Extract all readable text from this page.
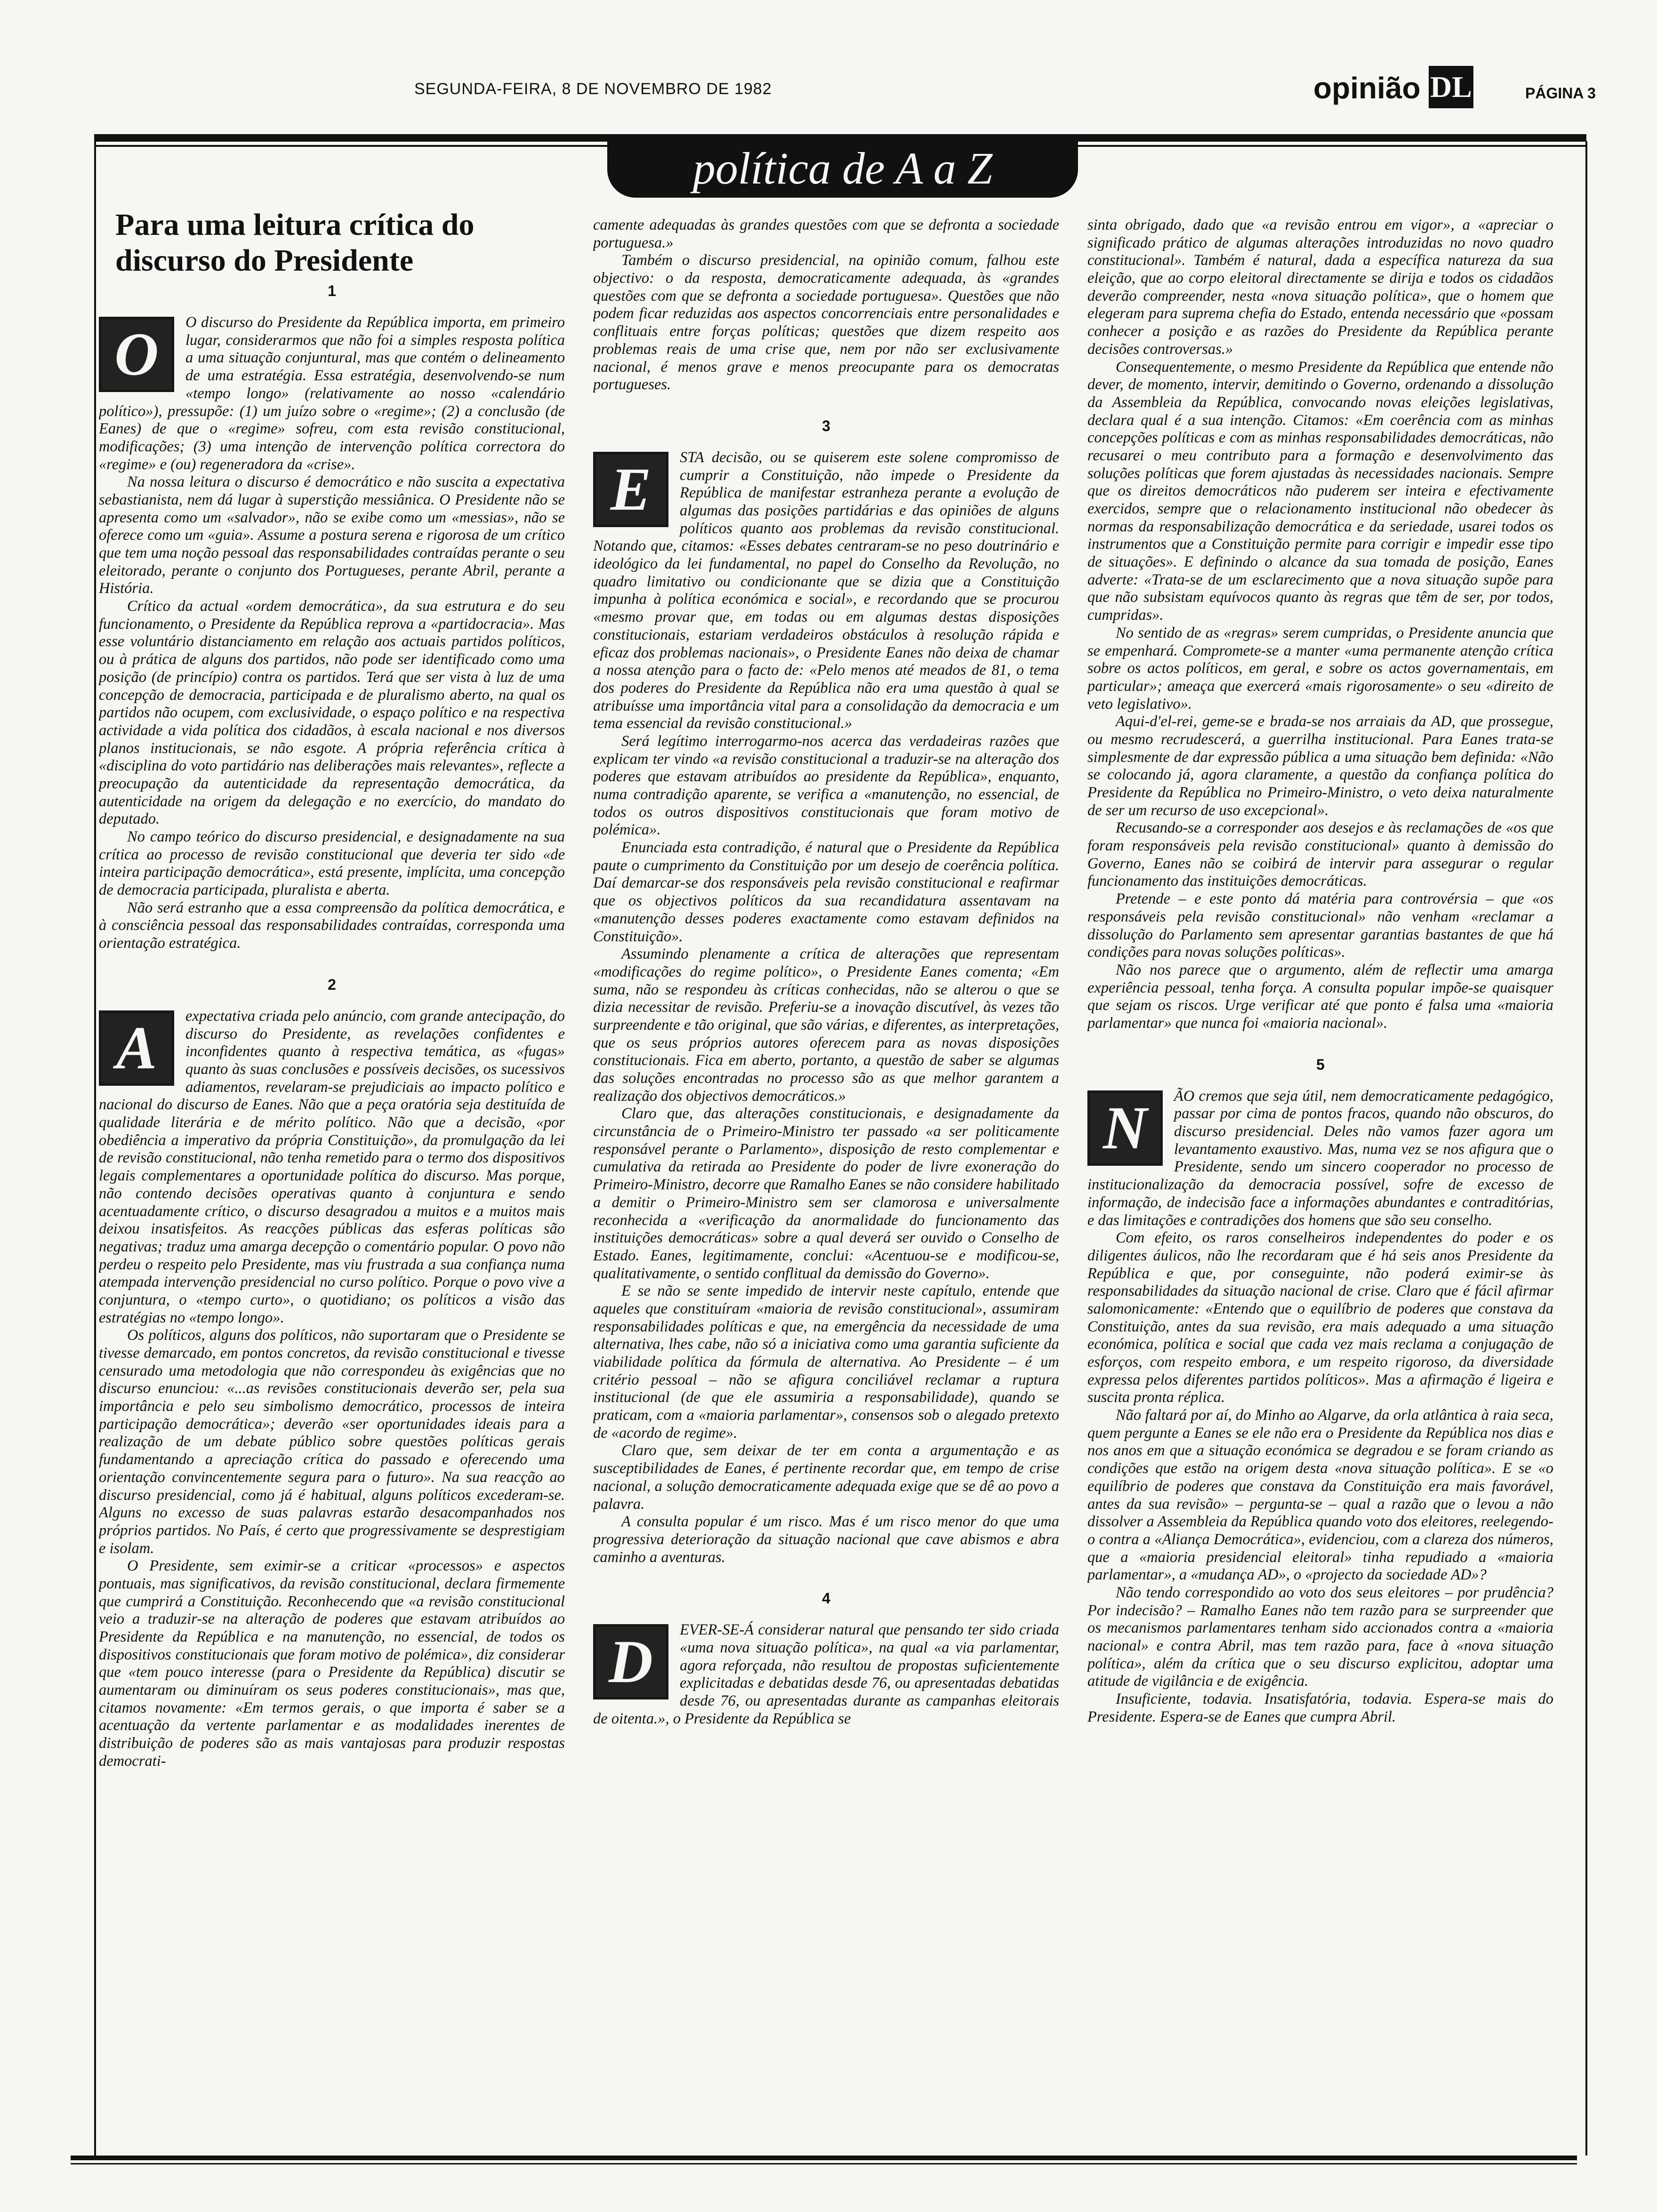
SEGUNDA-FEIRA, 8 DE NOVEMBRO DE 1982	opinião DL	PÁGINA 3
política de A a Z
Para uma leitura crítica do discurso do Presidente
1
O	O discurso do Presidente da República importa, em primeiro lugar, considerarmos que não foi a simples resposta política a uma situação conjuntural, mas que contém o delineamento de uma estratégia. Essa estratégia, desenvolvendo-se num «tempo longo» (relativamente ao nosso «calendário político»), pressupõe: (1) um juízo sobre o «regime»; (2) a conclusão (de Eanes) de que o «regime» sofreu, com esta revisão constitucional, modificações; (3) uma intenção de intervenção política correctora do «regime» e (ou) regeneradora da «crise».

Na nossa leitura o discurso é democrático e não suscita a expectativa sebastianista, nem dá lugar à superstição messiânica. O Presidente não se apresenta como um «salvador», não se exibe como um «messias», não se oferece como um «guia». Assume a postura serena e rigorosa de um crítico que tem uma noção pessoal das responsabilidades contraídas perante o seu eleitorado, perante o conjunto dos Portugueses, perante Abril, perante a História.

Crítico da actual «ordem democrática», da sua estrutura e do seu funcionamento, o Presidente da República reprova a «partidocracia». Mas esse voluntário distanciamento em relação aos actuais partidos políticos, ou à prática de alguns dos partidos, não pode ser identificado como uma posição (de princípio) contra os partidos. Terá que ser vista à luz de uma concepção de democracia, participada e de pluralismo aberto, na qual os partidos não ocupem, com exclusividade, o espaço político e na respectiva actividade a vida política dos cidadãos, à escala nacional e nos diversos planos institucionais, se não esgote. A própria referência crítica à «disciplina do voto partidário nas deliberações mais relevantes», reflecte a preocupação da autenticidade da representação democrática, da autenticidade na origem da delegação e no exercício, do mandato do deputado.

No campo teórico do discurso presidencial, e designadamente na sua crítica ao processo de revisão constitucional que deveria ter sido «de inteira participação democrática», está presente, implícita, uma concepção de democracia participada, pluralista e aberta.

Não será estranho que a essa compreensão da política democrática, e à consciência pessoal das responsabilidades contraídas, corresponda uma orientação estratégica.

2
A	expectativa criada pelo anúncio, com grande antecipação, do discurso do Presidente, as revelações confidentes e inconfidentes quanto à respectiva temática, as «fugas» quanto às suas conclusões e possíveis decisões, os sucessivos adiamentos, revelaram-se prejudiciais ao impacto político e nacional do discurso de Eanes. Não que a peça oratória seja destituída de qualidade literária e de mérito político. Não que a decisão, «por obediência a imperativo da própria Constituição», da promulgação da lei de revisão constitucional, não tenha remetido para o termo dos dispositivos legais complementares a oportunidade política do discurso. Mas porque, não contendo decisões operativas quanto à conjuntura e sendo acentuadamente crítico, o discurso desagradou a muitos e a muitos mais deixou insatisfeitos. As reacções públicas das esferas políticas são negativas; traduz uma amarga decepção o comentário popular. O povo não perdeu o respeito pelo Presidente, mas viu frustrada a sua confiança numa atempada intervenção presidencial no curso político. Porque o povo vive a conjuntura, o «tempo curto», o quotidiano; os políticos a visão das estratégias no «tempo longo».

Os políticos, alguns dos políticos, não suportaram que o Presidente se tivesse demarcado, em pontos concretos, da revisão constitucional e tivesse censurado uma metodologia que não correspondeu às exigências que no discurso enunciou: «...as revisões constitucionais deverão ser, pela sua importância e pelo seu simbolismo democrático, processos de inteira participação democrática»; deverão «ser oportunidades ideais para a realização de um debate público sobre questões políticas gerais fundamentando a apreciação crítica do passado e oferecendo uma orientação convincentemente segura para o futuro». Na sua reacção ao discurso presidencial, como já é habitual, alguns políticos excederam-se. Alguns no excesso de suas palavras estarão desacompanhados nos próprios partidos. No País, é certo que progressivamente se desprestigiam e isolam.

O Presidente, sem eximir-se a criticar «processos» e aspectos pontuais, mas significativos, da revisão constitucional, declara firmemente que cumprirá a Constituição. Reconhecendo que «a revisão constitucional veio a traduzir-se na alteração de poderes que estavam atribuídos ao Presidente da República e na manutenção, no essencial, de todos os dispositivos constitucionais que foram motivo de polémica», diz considerar que «tem pouco interesse (para o Presidente da República) discutir se aumentaram ou diminuíram os seus poderes constitucionais», mas que, citamos novamente: «Em termos gerais, o que importa é saber se a acentuação da vertente parlamentar e as modalidades inerentes de distribuição de poderes são as mais vantajosas para produzir respostas democrati-

camente adequadas às grandes questões com que se defronta a sociedade portuguesa.»

Também o discurso presidencial, na opinião comum, falhou este objectivo: o da resposta, democraticamente adequada, às «grandes questões com que se defronta a sociedade portuguesa». Questões que não podem ficar reduzidas aos aspectos concorrenciais entre personalidades e conflituais entre forças políticas; questões que dizem respeito aos problemas reais de uma crise que, nem por não ser exclusivamente nacional, é menos grave e menos preocupante para os democratas portugueses.

3
E	STA decisão, ou se quiserem este solene compromisso de cumprir a Constituição, não impede o Presidente da República de manifestar estranheza perante a evolução de algumas das posições partidárias e das opiniões de alguns políticos quanto aos problemas da revisão constitucional. Notando que, citamos: «Esses debates centraram-se no peso doutrinário e ideológico da lei fundamental, no papel do Conselho da Revolução, no quadro limitativo ou condicionante que se dizia que a Constituição impunha à política económica e social», e recordando que se procurou «mesmo provar que, em todas ou em algumas destas disposições constitucionais, estariam verdadeiros obstáculos à resolução rápida e eficaz dos problemas nacionais», o Presidente Eanes não deixa de chamar a nossa atenção para o facto de: «Pelo menos até meados de 81, o tema dos poderes do Presidente da República não era uma questão à qual se atribuísse uma importância vital para a consolidação da democracia e um tema essencial da revisão constitucional.»

Será legítimo interrogarmo-nos acerca das verdadeiras razões que explicam ter vindo «a revisão constitucional a traduzir-se na alteração dos poderes que estavam atribuídos ao presidente da República», enquanto, numa contradição aparente, se verifica a «manutenção, no essencial, de todos os outros dispositivos constitucionais que foram motivo de polémica».

Enunciada esta contradição, é natural que o Presidente da República paute o cumprimento da Constituição por um desejo de coerência política. Daí demarcar-se dos responsáveis pela revisão constitucional e reafirmar que os objectivos políticos da sua recandidatura assentavam na «manutenção desses poderes exactamente como estavam definidos na Constituição».

Assumindo plenamente a crítica de alterações que representam «modificações do regime político», o Presidente Eanes comenta; «Em suma, não se respondeu às críticas conhecidas, não se alterou o que se dizia necessitar de revisão. Preferiu-se a inovação discutível, às vezes tão surpreendente e tão original, que são várias, e diferentes, as interpretações, que os seus próprios autores oferecem para as novas disposições constitucionais. Fica em aberto, portanto, a questão de saber se algumas das soluções encontradas no processo são as que melhor garantem a realização dos objectivos democráticos.»

Claro que, das alterações constitucionais, e designadamente da circunstância de o Primeiro-Ministro ter passado «a ser politicamente responsável perante o Parlamento», disposição de resto complementar e cumulativa da retirada ao Presidente do poder de livre exoneração do Primeiro-Ministro, decorre que Ramalho Eanes se não considere habilitado a demitir o Primeiro-Ministro sem ser clamorosa e universalmente reconhecida a «verificação da anormalidade do funcionamento das instituições democráticas» sobre a qual deverá ser ouvido o Conselho de Estado. Eanes, legitimamente, conclui: «Acentuou-se e modificou-se, qualitativamente, o sentido conflitual da demissão do Governo».

E se não se sente impedido de intervir neste capítulo, entende que aqueles que constituíram «maioria de revisão constitucional», assumiram responsabilidades políticas e que, na emergência da necessidade de uma alternativa, lhes cabe, não só a iniciativa como uma garantia suficiente da viabilidade política da fórmula de alternativa. Ao Presidente – é um critério pessoal – não se afigura conciliável reclamar a ruptura institucional (de que ele assumiria a responsabilidade), quando se praticam, com a «maioria parlamentar», consensos sob o alegado pretexto de «acordo de regime».

Claro que, sem deixar de ter em conta a argumentação e as susceptibilidades de Eanes, é pertinente recordar que, em tempo de crise nacional, a solução democraticamente adequada exige que se dê ao povo a palavra.

A consulta popular é um risco. Mas é um risco menor do que uma progressiva deterioração da situação nacional que cave abismos e abra caminho a aventuras.

4
D	EVER-SE-Á considerar natural que pensando ter sido criada «uma nova situação política», na qual «a via parlamentar, agora reforçada, não resultou de propostas suficientemente explicitadas e debatidas desde 76, ou apresentadas debatidas desde 76, ou apresentadas durante as campanhas eleitorais de oitenta.», o Presidente da República se

sinta obrigado, dado que «a revisão entrou em vigor», a «apreciar o significado prático de algumas alterações introduzidas no novo quadro constitucional». Também é natural, dada a específica natureza da sua eleição, que ao corpo eleitoral directamente se dirija e todos os cidadãos deverão compreender, nesta «nova situação política», que o homem que elegeram para suprema chefia do Estado, entenda necessário que «possam conhecer a posição e as razões do Presidente da República perante decisões controversas.»

Consequentemente, o mesmo Presidente da República que entende não dever, de momento, intervir, demitindo o Governo, ordenando a dissolução da Assembleia da República, convocando novas eleições legislativas, declara qual é a sua intenção. Citamos: «Em coerência com as minhas concepções políticas e com as minhas responsabilidades democráticas, não recusarei o meu contributo para a formação e desenvolvimento das soluções políticas que forem ajustadas às necessidades nacionais. Sempre que os direitos democráticos não puderem ser inteira e efectivamente exercidos, sempre que o relacionamento institucional não obedecer às normas da responsabilização democrática e da seriedade, usarei todos os instrumentos que a Constituição permite para corrigir e impedir esse tipo de situações». E definindo o alcance da sua tomada de posição, Eanes adverte: «Trata-se de um esclarecimento que a nova situação supõe para que não subsistam equívocos quanto às regras que têm de ser, por todos, cumpridas».

No sentido de as «regras» serem cumpridas, o Presidente anuncia que se empenhará. Compromete-se a manter «uma permanente atenção crítica sobre os actos políticos, em geral, e sobre os actos governamentais, em particular»; ameaça que exercerá «mais rigorosamente» o seu «direito de veto legislativo».

Aqui-d'el-rei, geme-se e brada-se nos arraiais da AD, que prossegue, ou mesmo recrudescerá, a guerrilha institucional. Para Eanes trata-se simplesmente de dar expressão pública a uma situação bem definida: «Não se colocando já, agora claramente, a questão da confiança política do Presidente da República no Primeiro-Ministro, o veto deixa naturalmente de ser um recurso de uso excepcional».

Recusando-se a corresponder aos desejos e às reclamações de «os que foram responsáveis pela revisão constitucional» quanto à demissão do Governo, Eanes não se coibirá de intervir para assegurar o regular funcionamento das instituições democráticas.

Pretende – e este ponto dá matéria para controvérsia – que «os responsáveis pela revisão constitucional» não venham «reclamar a dissolução do Parlamento sem apresentar garantias bastantes de que há condições para novas soluções políticas».

Não nos parece que o argumento, além de reflectir uma amarga experiência pessoal, tenha força. A consulta popular impõe-se quaisquer que sejam os riscos. Urge verificar até que ponto é falsa uma «maioria parlamentar» que nunca foi «maioria nacional».

5
N	ÃO cremos que seja útil, nem democraticamente pedagógico, passar por cima de pontos fracos, quando não obscuros, do discurso presidencial. Deles não vamos fazer agora um levantamento exaustivo. Mas, numa vez se nos afigura que o Presidente, sendo um sincero cooperador no processo de institucionalização da democracia possível, sofre de excesso de informação, de indecisão face a informações abundantes e contraditórias, e das limitações e contradições dos homens que são seu conselho.

Com efeito, os raros conselheiros independentes do poder e os diligentes áulicos, não lhe recordaram que é há seis anos Presidente da República e que, por conseguinte, não poderá eximir-se às responsabilidades da situação nacional de crise. Claro que é fácil afirmar salomonicamente: «Entendo que o equilíbrio de poderes que constava da Constituição, antes da sua revisão, era mais adequado a uma situação económica, política e social que cada vez mais reclama a conjugação de esforços, com respeito embora, e um respeito rigoroso, da diversidade expressa pelos diferentes partidos políticos». Mas a afirmação é ligeira e suscita pronta réplica.

Não faltará por aí, do Minho ao Algarve, da orla atlântica à raia seca, quem pergunte a Eanes se ele não era o Presidente da República nos dias e nos anos em que a situação económica se degradou e se foram criando as condições que estão na origem desta «nova situação política». E se «o equilíbrio de poderes que constava da Constituição era mais favorável, antes da sua revisão» – pergunta-se – qual a razão que o levou a não dissolver a Assembleia da República quando voto dos eleitores, reelegendo-o contra a «Aliança Democrática», evidenciou, com a clareza dos números, que a «maioria presidencial eleitoral» tinha repudiado a «maioria parlamentar», a «mudança AD», o «projecto da sociedade AD»?

Não tendo correspondido ao voto dos seus eleitores – por prudência? Por indecisão? – Ramalho Eanes não tem razão para se surpreender que os mecanismos parlamentares tenham sido accionados contra a «maioria nacional» e contra Abril, mas tem razão para, face à «nova situação política», além da crítica que o seu discurso explicitou, adoptar uma atitude de vigilância e de exigência.

Insuficiente, todavia. Insatisfatória, todavia. Espera-se mais do Presidente. Espera-se de Eanes que cumpra Abril.
